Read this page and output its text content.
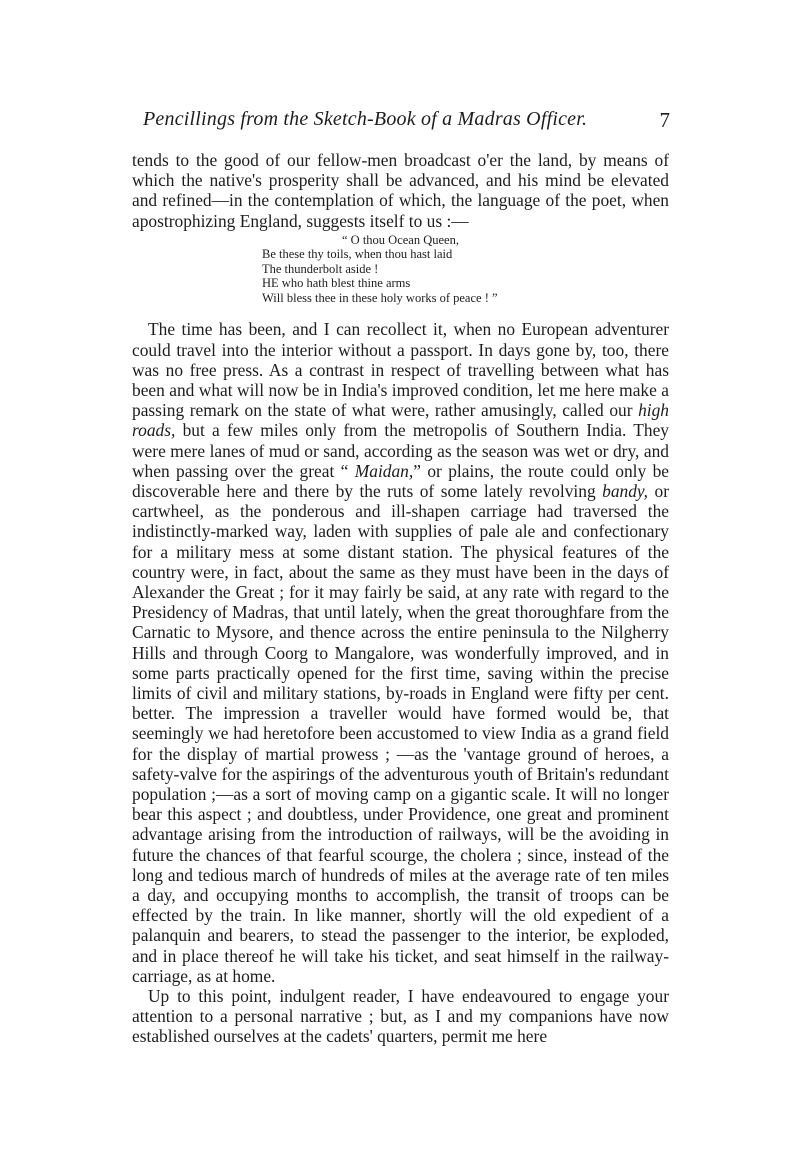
Pencillings from the Sketch-Book of a Madras Officer.	7

tends to the good of our fellow-men broadcast o'er the land, by means of which the native's prosperity shall be advanced, and his mind be elevated and refined—in the contemplation of which, the language of the poet, when apostrophizing England, suggests itself to us :—

“ O thou Ocean Queen,
Be these thy toils, when thou hast laid
The thunderbolt aside !
HE who hath blest thine arms
Will bless thee in these holy works of peace ! ”

The time has been, and I can recollect it, when no European adventurer could travel into the interior without a passport. In days gone by, too, there was no free press. As a contrast in respect of travelling between what has been and what will now be in India's improved condition, let me here make a passing remark on the state of what were, rather amusingly, called our high roads, but a few miles only from the metropolis of Southern India. They were mere lanes of mud or sand, according as the season was wet or dry, and when passing over the great “ Maidan,” or plains, the route could only be discoverable here and there by the ruts of some lately revolving bandy, or cartwheel, as the ponderous and ill-shapen carriage had traversed the indistinctly-marked way, laden with supplies of pale ale and confectionary for a military mess at some distant station. The physical features of the country were, in fact, about the same as they must have been in the days of Alexander the Great ; for it may fairly be said, at any rate with regard to the Presidency of Madras, that until lately, when the great thoroughfare from the Carnatic to Mysore, and thence across the entire peninsula to the Nilgherry Hills and through Coorg to Mangalore, was wonderfully improved, and in some parts practically opened for the first time, saving within the precise limits of civil and military stations, by-roads in England were fifty per cent. better. The impression a traveller would have formed would be, that seemingly we had heretofore been accustomed to view India as a grand field for the display of martial prowess ; —as the 'vantage ground of heroes, a safety-valve for the aspirings of the adventurous youth of Britain's redundant population ;—as a sort of moving camp on a gigantic scale. It will no longer bear this aspect ; and doubtless, under Providence, one great and prominent advantage arising from the introduction of railways, will be the avoiding in future the chances of that fearful scourge, the cholera ; since, instead of the long and tedious march of hundreds of miles at the average rate of ten miles a day, and occupying months to accomplish, the transit of troops can be effected by the train. In like manner, shortly will the old expedient of a palanquin and bearers, to stead the passenger to the interior, be exploded, and in place thereof he will take his ticket, and seat himself in the railway-carriage, as at home.

Up to this point, indulgent reader, I have endeavoured to engage your attention to a personal narrative ; but, as I and my companions have now established ourselves at the cadets' quarters, permit me here
